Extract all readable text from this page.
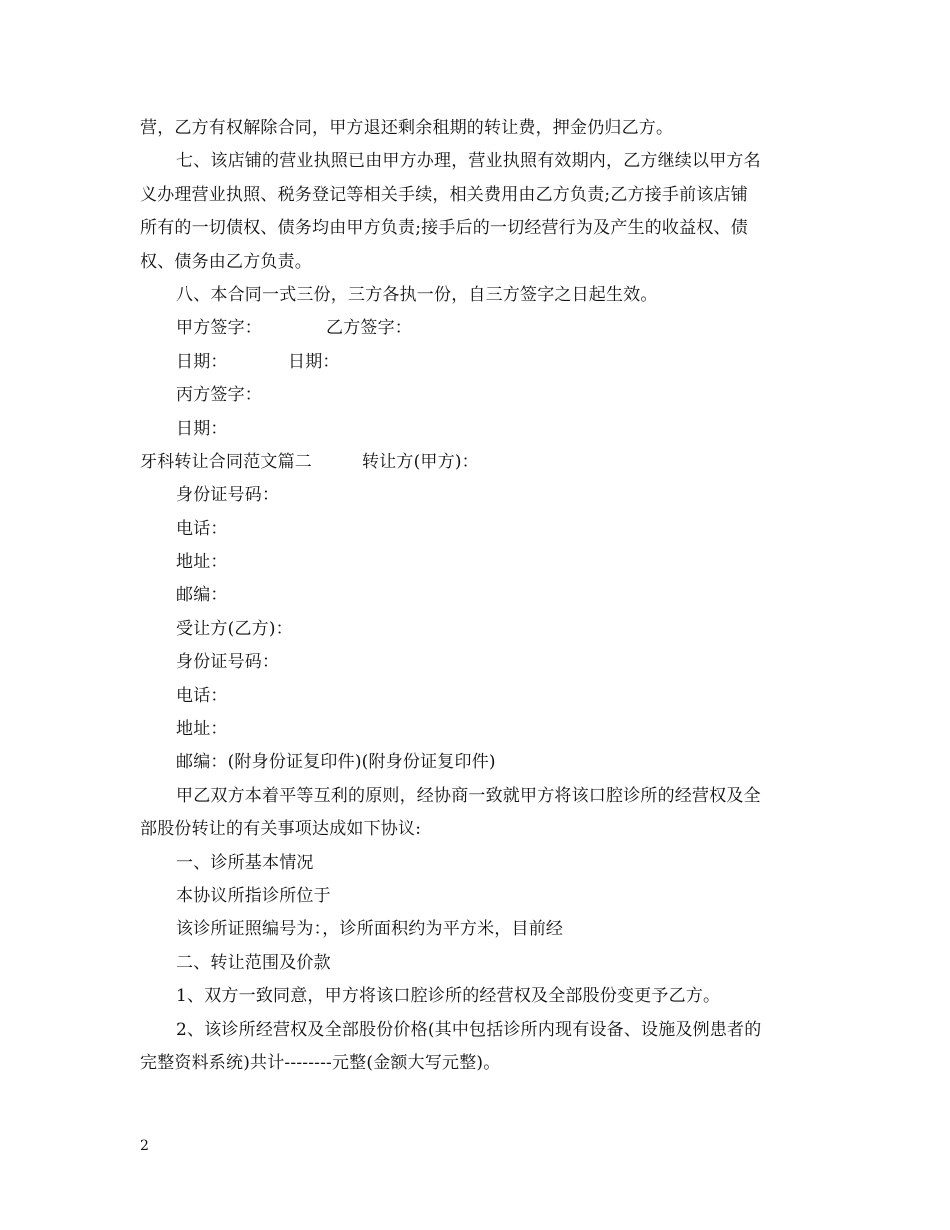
营，乙方有权解除合同，甲方退还剩余租期的转让费，押金仍归乙方。
七、该店铺的营业执照已由甲方办理，营业执照有效期内，乙方继续以甲方名
义办理营业执照、税务登记等相关手续，相关费用由乙方负责;乙方接手前该店铺
所有的一切债权、债务均由甲方负责;接手后的一切经营行为及产生的收益权、债
权、债务由乙方负责。
八、本合同一式三份，三方各执一份，自三方签字之日起生效。
甲方签字：	乙方签字：
日期：	日期：
丙方签字：
日期：
牙科转让合同范文篇二	转让方(甲方)：
身份证号码：
电话：
地址：
邮编：
受让方(乙方)：
身份证号码：
电话：
地址：
邮编：(附身份证复印件)(附身份证复印件)
甲乙双方本着平等互利的原则，经协商一致就甲方将该口腔诊所的经营权及全
部股份转让的有关事项达成如下协议:
一、诊所基本情况
本协议所指诊所位于
该诊所证照编号为：，诊所面积约为平方米，目前经
二、转让范围及价款
1、双方一致同意，甲方将该口腔诊所的经营权及全部股份变更予乙方。
2、该诊所经营权及全部股份价格(其中包括诊所内现有设备、设施及例患者的
完整资料系统)共计--------元整(金额大写元整)。
2
